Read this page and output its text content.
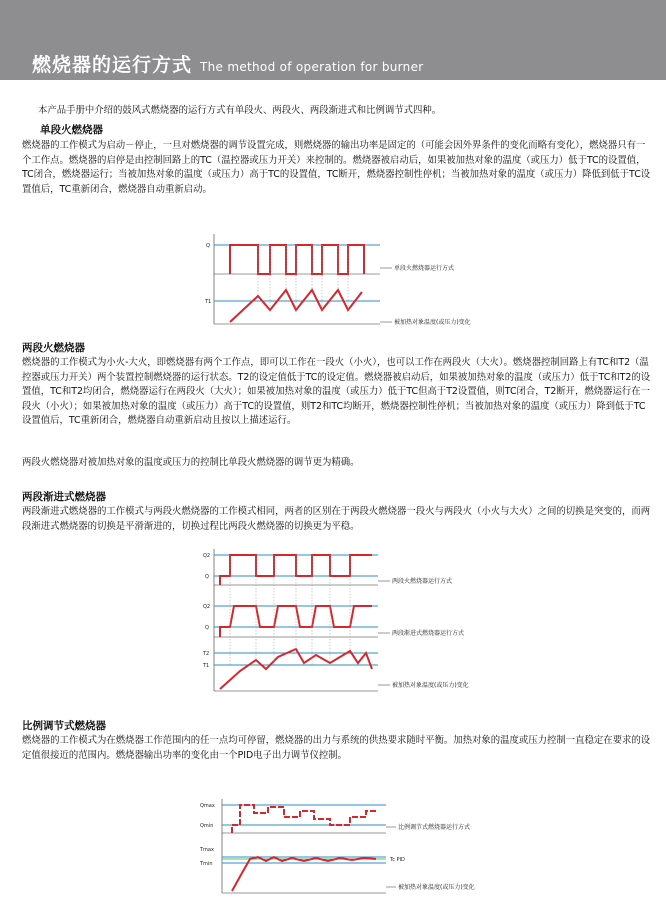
燃烧器的运行方式 The method of operation for burner
本产品手册中介绍的鼓风式燃烧器的运行方式有单段火、两段火、两段渐进式和比例调节式四种。
单段火燃烧器
燃烧器的工作模式为启动－停止，一旦对燃烧器的调节设置完成，则燃烧器的输出功率是固定的（可能会因外界条件的变化而略有变化），燃烧器只有一个工作点。燃烧器的启停是由控制回路上的TC（温控器或压力开关）来控制的。燃烧器被启动后，如果被加热对象的温度（或压力）低于TC的设置值，TC闭合，燃烧器运行；当被加热对象的温度（或压力）高于TC的设置值，TC断开，燃烧器控制性停机；当被加热对象的温度（或压力）降低到低于TC设置值后，TC重新闭合，燃烧器自动重新启动。
Q
T1
单段火燃烧器运行方式
被加热对象温度(或压力)变化
两段火燃烧器
燃烧器的工作模式为小火-大火，即燃烧器有两个工作点，即可以工作在一段火（小火），也可以工作在两段火（大火）。燃烧器控制回路上有TC和T2（温控器或压力开关）两个装置控制燃烧器的运行状态。T2的设定值低于TC的设定值。燃烧器被启动后，如果被加热对象的温度（或压力）低于TC和T2的设置值，TC和T2均闭合，燃烧器运行在两段火（大火）；如果被加热对象的温度（或压力）低于TC但高于T2设置值，则TC闭合，T2断开，燃烧器运行在一段火（小火）；如果被加热对象的温度（或压力）高于TC的设置值，则T2和TC均断开，燃烧器控制性停机；当被加热对象的温度（或压力）降到低于TC设置值后，TC重新闭合，燃烧器自动重新启动且按以上描述运行。
两段火燃烧器对被加热对象的温度或压力的控制比单段火燃烧器的调节更为精确。
两段渐进式燃烧器
两段渐进式燃烧器的工作模式与两段火燃烧器的工作模式相同，两者的区别在于两段火燃烧器一段火与两段火（小火与大火）之间的切换是突变的，而两段渐进式燃烧器的切换是平滑渐进的，切换过程比两段火燃烧器的切换更为平稳。
Q2
Q
Q2
Q
T2
T1
两段火燃烧器运行方式
两段渐进式燃烧器运行方式
被加热对象温度(或压力)变化
比例调节式燃烧器
燃烧器的工作模式为在燃烧器工作范围内的任一点均可停留，燃烧器的出力与系统的供热要求随时平衡。加热对象的温度或压力控制一直稳定在要求的设定值很接近的范围内。燃烧器输出功率的变化由一个PID电子出力调节仪控制。
Qmax
Qmin
Tmax
Tmin
Tc PID
比例调节式燃烧器运行方式
被加热对象温度(或压力)变化
